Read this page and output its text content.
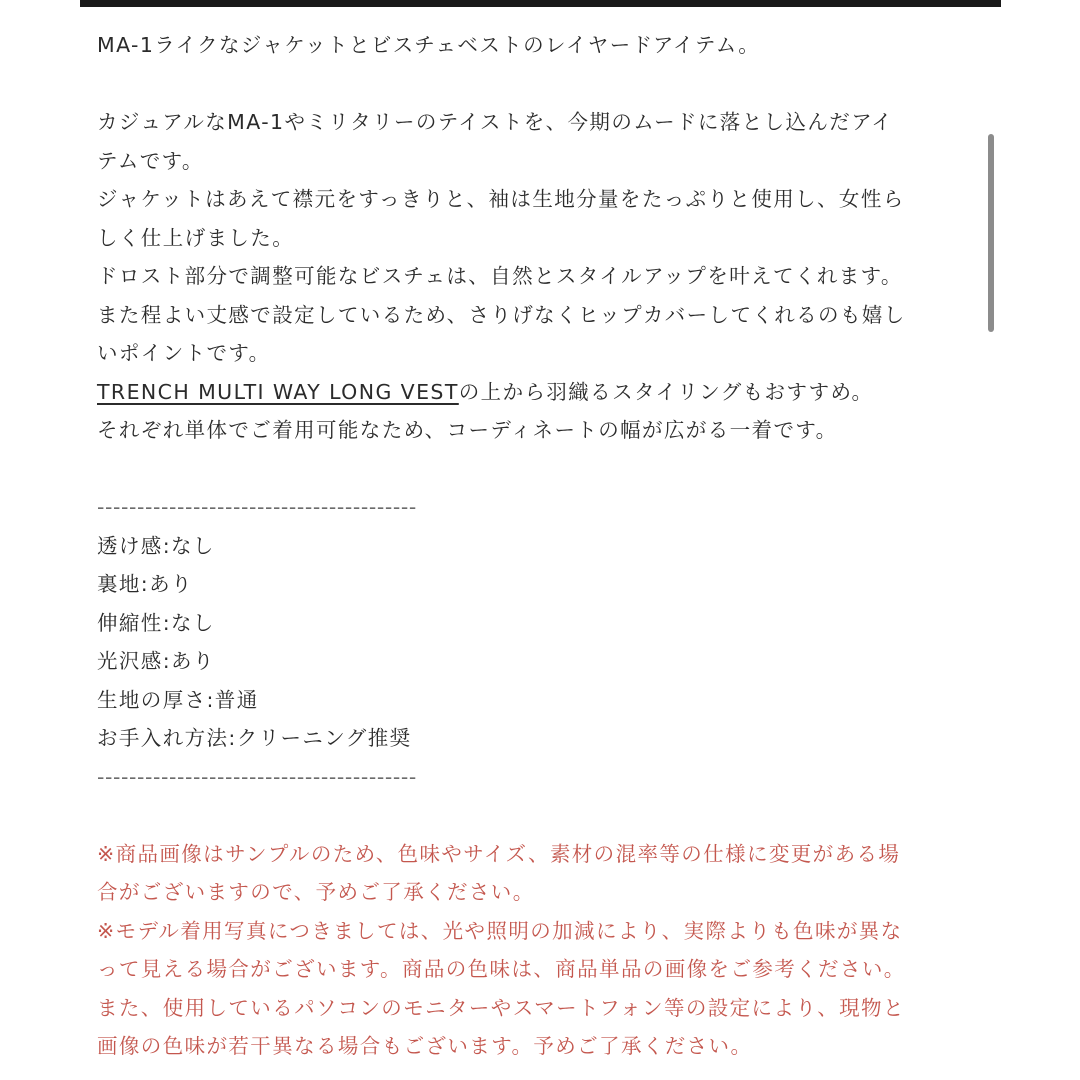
MA-1ライクなジャケットとビスチェベストのレイヤードアイテム。
カジュアルなMA-1やミリタリーのテイストを、今期のムードに落とし込んだアイ
テムです。
ジャケットはあえて襟元をすっきりと、袖は生地分量をたっぷりと使用し、女性ら
しく仕上げました。
ドロスト部分で調整可能なビスチェは、自然とスタイルアップを叶えてくれます。
また程よい丈感で設定しているため、さりげなくヒップカバーしてくれるのも嬉し
いポイントです。
TRENCH MULTI WAY LONG VESTの上から羽織るスタイリングもおすすめ。
それぞれ単体でご着用可能なため、コーディネートの幅が広がる一着です。
----------------------------------------
透け感:なし
裏地:あり
伸縮性:なし
光沢感:あり
生地の厚さ:普通
お手入れ方法:クリーニング推奨
----------------------------------------
※商品画像はサンプルのため、色味やサイズ、素材の混率等の仕様に変更がある場
合がございますので、予めご了承ください。
※モデル着用写真につきましては、光や照明の加減により、実際よりも色味が異な
って見える場合がございます。商品の色味は、商品単品の画像をご参考ください。
また、使用しているパソコンのモニターやスマートフォン等の設定により、現物と
画像の色味が若干異なる場合もございます。予めご了承ください。
